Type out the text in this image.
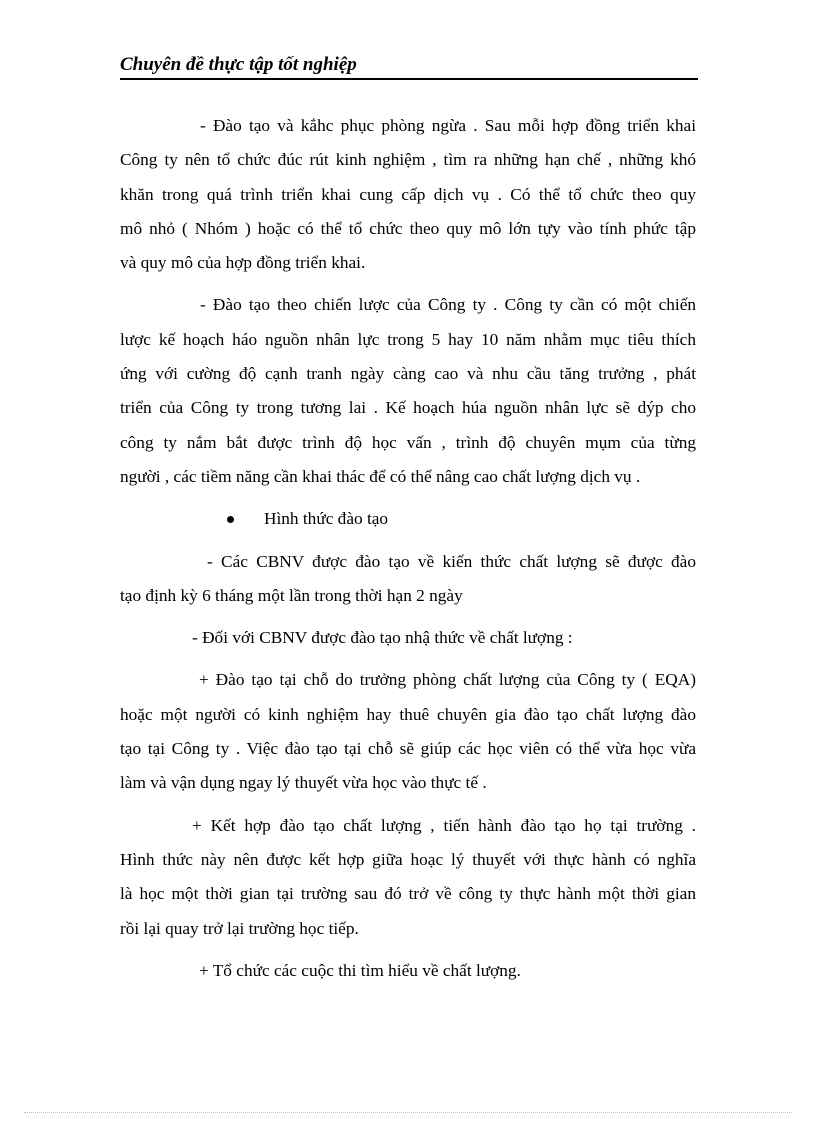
Chuyên đề thực tập tốt nghiệp

- Đào tạo và kắhc phục phòng ngừa . Sau mỗi hợp đồng triển khai
Công ty nên tổ chức đúc rút kinh nghiệm , tìm ra những hạn chế , những khó
khăn trong quá trình triển khai cung cấp dịch vụ . Có thể tổ chức theo quy
mô nhỏ ( Nhóm ) hoặc có thể tổ chức theo quy mô lớn tựy vào tính phức tập
và quy mô của hợp đồng triển khai.

- Đào tạo theo chiến lược của Công ty . Công ty cần có một chiến
lược kế hoạch háo nguồn nhân lực trong 5 hay 10 năm nhằm mục tiêu thích
ứng với cường độ cạnh tranh ngày càng cao và nhu cầu tăng trưởng , phát
triển của Công ty trong tương lai . Kế hoạch húa nguồn nhân lực sẽ dýp cho
công ty nắm bắt được trình độ học vấn , trình độ chuyên mụm của từng
người , các tiềm năng cần khai thác để có thể nâng cao chất lượng dịch vụ .

Hình thức đào tạo

- Các CBNV được đào tạo về kiến thức chất lượng sẽ được đào
tạo định kỳ 6 tháng một lần trong thời hạn 2 ngày

- Đối với CBNV được đào tạo nhậ thức về chất lượng :

+ Đào tạo tại chỗ do trưởng phòng chất lượng của Công ty ( EQA)
hoặc một người có kinh nghiệm hay thuê chuyên gia đào tạo chất lượng đào
tạo tại Công ty . Việc đào tạo tại chỗ sẽ giúp các học viên có thể vừa học vừa
làm và vận dụng ngay lý thuyết vừa học vào thực tế .

+ Kết hợp đào tạo chất lượng , tiến hành đào tạo họ tại trường .
Hình thức này nên được kết hợp giữa hoạc lý thuyết với thực hành có nghĩa
là học một thời gian tại trường sau đó trở về công ty thực hành một thời gian
rồi lại quay trở lại trường học tiếp.

+ Tổ chức các cuộc thi tìm hiểu về chất lượng.
